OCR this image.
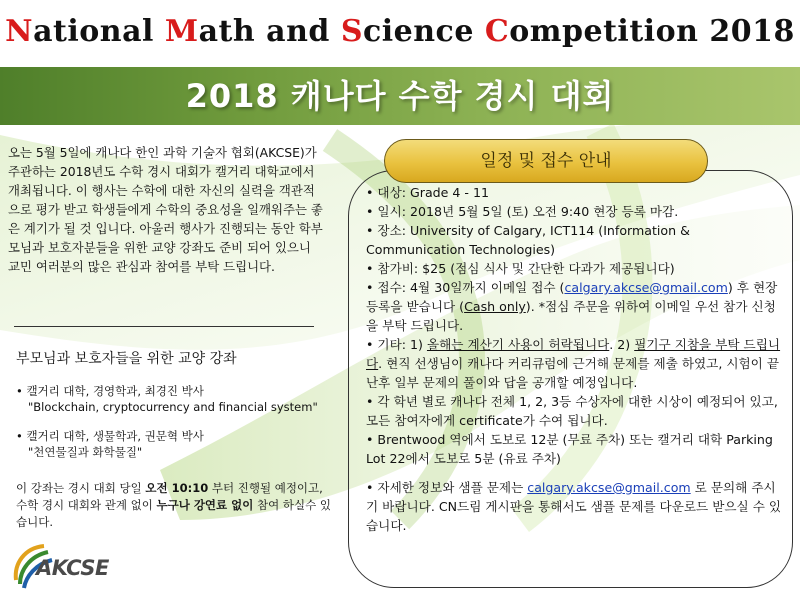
National Math and Science Competition 2018
2018 캐나다 수학 경시 대회

오는 5월 5일에 캐나다 한인 과학 기술자 협회(AKCSE)가 주관하는 2018년도 수학 경시 대회가 캘거리 대학교에서 개최됩니다. 이 행사는 수학에 대한 자신의 실력을 객관적으로 평가 받고 학생들에게 수학의 중요성을 일깨워주는 좋은 계기가 될 것 입니다. 아울러 행사가 진행되는 동안 학부모님과 보호자분들을 위한 교양 강좌도 준비 되어 있으니 교민 여러분의 많은 관심과 참여를 부탁 드립니다.

부모님과 보호자들을 위한 교양 강좌
• 캘거리 대학, 경영학과, 최경진 박사
"Blockchain, cryptocurrency and financial system"
• 캘거리 대학, 생물학과, 권문혁 박사
"천연물질과 화학물질"
이 강좌는 경시 대회 당일 오전 10:10 부터 진행될 예정이고, 수학 경시 대회와 관계 없이 누구나 강연료 없이 참여 하실수 있습니다.
AKCSE
일정 및 접수 안내

• 대상: Grade 4 - 11

• 일시: 2018년 5월 5일 (토) 오전 9:40 현장 등록 마감.

• 장소: University of Calgary, ICT114 (Information & Communication Technologies)

• 참가비: $25 (점심 식사 및 간단한 다과가 제공됩니다)

• 접수: 4월 30일까지 이메일 접수 (calgary.akcse@gmail.com) 후 현장 등록을 받습니다 (Cash only). *점심 주문을 위하여 이메일 우선 참가 신청을 부탁 드립니다.

• 기타: 1) 올해는 계산기 사용이 허락됩니다. 2) 필기구 지참을 부탁 드립니다. 현직 선생님이 캐나다 커리큐럼에 근거해 문제를 제출 하였고, 시험이 끝난후 일부 문제의 풀이와 답을 공개할 예정입니다.

• 각 학년 별로 캐나다 전체 1, 2, 3등 수상자에 대한 시상이 예정되어 있고, 모든 참여자에게 certificate가 수여 됩니다.

• Brentwood 역에서 도보로 12분 (무료 주차) 또는 캘거리 대학 Parking Lot 22에서 도보로 5분 (유료 주차)

• 자세한 정보와 샘플 문제는 calgary.akcse@gmail.com 로 문의해 주시기 바랍니다. CN드림 게시판을 통해서도 샘플 문제를 다운로드 받으실 수 있습니다.
